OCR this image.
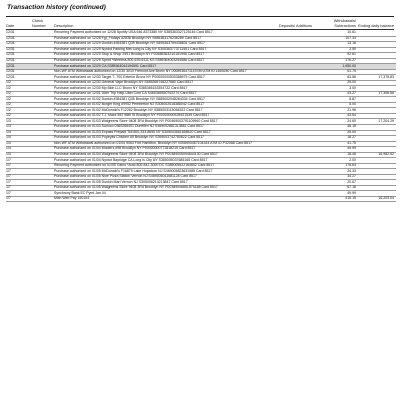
Transaction history (continued)
Date	Check Number	Description	Deposits/ Additions	Withdrawals/ Subtractions	Ending daily balance
12/31		Recurring Payment authorized on 12/28 Spotify USA 646-8373380 NY S385363327125146 Card 8517		10.61	
12/31		Purchase authorized on 12/28 Fgt_Fridays #2838 Brooklyn NY S585363176236289 Card 8517		107.33	
12/31		Purchase authorized on 12/29 Dunkin #354381 Q35 Brooklyn NY S595363759438831 Card 8517		13.16	
12/31		Purchase authorized on 12/29 Nyrdot Parking Met Long Is City NY S305363773711551 Card 8517		2.50	
12/31		Purchase authorized on 12/29 Stop & Shop 2591 Brooklyn NY P00585363210151998 Card 8517		92.61	
12/31		Purchase authorized on 12/29 Sprint *Wireless 800-639-6111 KS S585364003254586 Card 8517		176.27	
12/31		Purchase authorized on 12/29 CA S385364044194591 Card 8517		1,950.00	
12/31		Non-WF ATM Withdrawal authorized on 12/30 3010 Fremont Ave Bronx NY 0008936471143789 ATM ID L669250 Card 8517		61.75	
12/31		Purchase authorized on 12/30 Target T- 700 Exterior Bronx NY P00000000530388975 Card 8517		63.56	17,375.83
1/2		Purchase authorized on 12/30 General Vape Brooklyn NY S585365748227880 Card 8517		25.00	
1/2		Purchase authorized on 12/30 Mp Bkln LLC Bronx NY S385365153354722 Card 8517		3.00	
1/2		Purchase authorized on 12/31 Uber Trip Help.Uber.Com CA S465365530762274 Card 8517		43.27	17,308.56
1/2		Purchase authorized on 01/02 Dunkin #354381 Q35 Brooklyn NY S585002048284334 Card 8517		8.87	
1/2		Purchase authorized on 01/02 Burger King #9952 Pemberton NJ S305002618388042 Card 8517		5.00	
1/2		Purchase authorized on 01/02 McDonald's F12262 Brooklyn NY S585003115054522 Card 8517		21.96	
1/2		Purchase authorized on 01/02 T.J. Maxx 592 98th St Brooklyn NY P00000000528921539 Card 8517		43.54	
1/3		Purchase authorized on 01/03 Walgreens Store 9408 3Rd Brooklyn NY P00469003791109960 Card 8517		24.60	17,204.29
1/3		Purchase authorized on 01/03 Sunoco 0369266401 Dunellen NJ S469002881313881 Card 8517		46.18	
1/4		Purchase authorized on 01/03 Expass Prepaid Toll 800-333-8655 NY S305003661658520 Card 8517		25.00	
1/4		Purchase authorized on 01/03 Popeyes Chicken #9 Brooklyn NY S395003742780822 Card 8517		18.27	
1/4		Non-WF ATM Withdrawal authorized on 01/04 9063 Fort Hamilton, Brooklyn NY 0008900467104344 ATM ID P32088 Card 8517		41.75	
1/4		Purchase authorized on 01/04 Modell's #98 Brooklyn NY P00000000771818215 Card 8517		49.99	
1/4		Purchase authorized on 01/04 Walgreens Store 9408 3Rd Brooklyn NY P00389005094644130 Card 8517		18.46	16,982.62
1/7		Purchase authorized on 01/04 Nyrdot Bayridge CA Long Is City NY S385005037685165 Card 8517		2.00	
1/7		Recurring Payment authorized on 01/05 Geico *Auto 800-841-3000 DC S385005522164652 Card 8517		175.63	
1/7		Purchase authorized on 01/05 McDonald's F16879 Lake Hopatcon NJ S469005823631985 Card 8517		24.33	
1/7		Purchase authorized on 01/05 Nine Pizza Station Vernon NJ S469006011581128 Card 8517		34.27	
1/7		Purchase authorized on 01/05 Dunkin Mart Vernon NJ S305006214213847 Card 8517		20.67	
1/7		Purchase authorized on 01/05 Walgreens Store 9408 3Rd Brooklyn NY P00389006851575188 Card 8517		67.18	
1/7		Synchrony Bank EC Pymt Jan 04		49.99	
1/7		Mish Web Pay 190104		415.15	16,203.04
